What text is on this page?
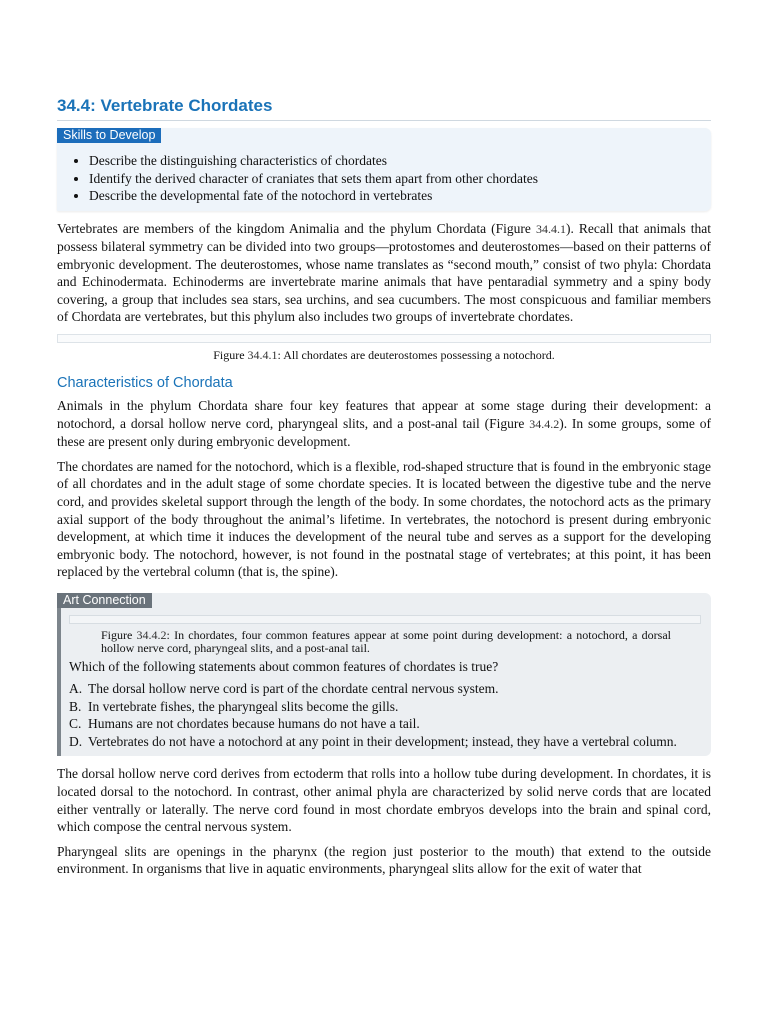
34.4: Vertebrate Chordates
Skills to Develop
• Describe the distinguishing characteristics of chordates
• Identify the derived character of craniates that sets them apart from other chordates
• Describe the developmental fate of the notochord in vertebrates

Vertebrates are members of the kingdom Animalia and the phylum Chordata (Figure 34.4.1). Recall that animals that possess bilateral symmetry can be divided into two groups—protostomes and deuterostomes—based on their patterns of embryonic development. The deuterostomes, whose name translates as “second mouth,” consist of two phyla: Chordata and Echinodermata. Echinoderms are invertebrate marine animals that have pentaradial symmetry and a spiny body covering, a group that includes sea stars, sea urchins, and sea cucumbers. The most conspicuous and familiar members of Chordata are vertebrates, but this phylum also includes two groups of invertebrate chordates.

Figure 34.4.1: All chordates are deuterostomes possessing a notochord.
Characteristics of Chordata

Animals in the phylum Chordata share four key features that appear at some stage during their development: a notochord, a dorsal hollow nerve cord, pharyngeal slits, and a post-anal tail (Figure 34.4.2). In some groups, some of these are present only during embryonic development.

The chordates are named for the notochord, which is a flexible, rod-shaped structure that is found in the embryonic stage of all chordates and in the adult stage of some chordate species. It is located between the digestive tube and the nerve cord, and provides skeletal support through the length of the body. In some chordates, the notochord acts as the primary axial support of the body throughout the animal’s lifetime. In vertebrates, the notochord is present during embryonic development, at which time it induces the development of the neural tube and serves as a support for the developing embryonic body. The notochord, however, is not found in the postnatal stage of vertebrates; at this point, it has been replaced by the vertebral column (that is, the spine).

Art Connection
Figure 34.4.2: In chordates, four common features appear at some point during development: a notochord, a dorsal hollow nerve cord, pharyngeal slits, and a post-anal tail.
Which of the following statements about common features of chordates is true?
A. The dorsal hollow nerve cord is part of the chordate central nervous system.
B. In vertebrate fishes, the pharyngeal slits become the gills.
C. Humans are not chordates because humans do not have a tail.
D. Vertebrates do not have a notochord at any point in their development; instead, they have a vertebral column.

The dorsal hollow nerve cord derives from ectoderm that rolls into a hollow tube during development. In chordates, it is located dorsal to the notochord. In contrast, other animal phyla are characterized by solid nerve cords that are located either ventrally or laterally. The nerve cord found in most chordate embryos develops into the brain and spinal cord, which compose the central nervous system.

Pharyngeal slits are openings in the pharynx (the region just posterior to the mouth) that extend to the outside environment. In organisms that live in aquatic environments, pharyngeal slits allow for the exit of water that
